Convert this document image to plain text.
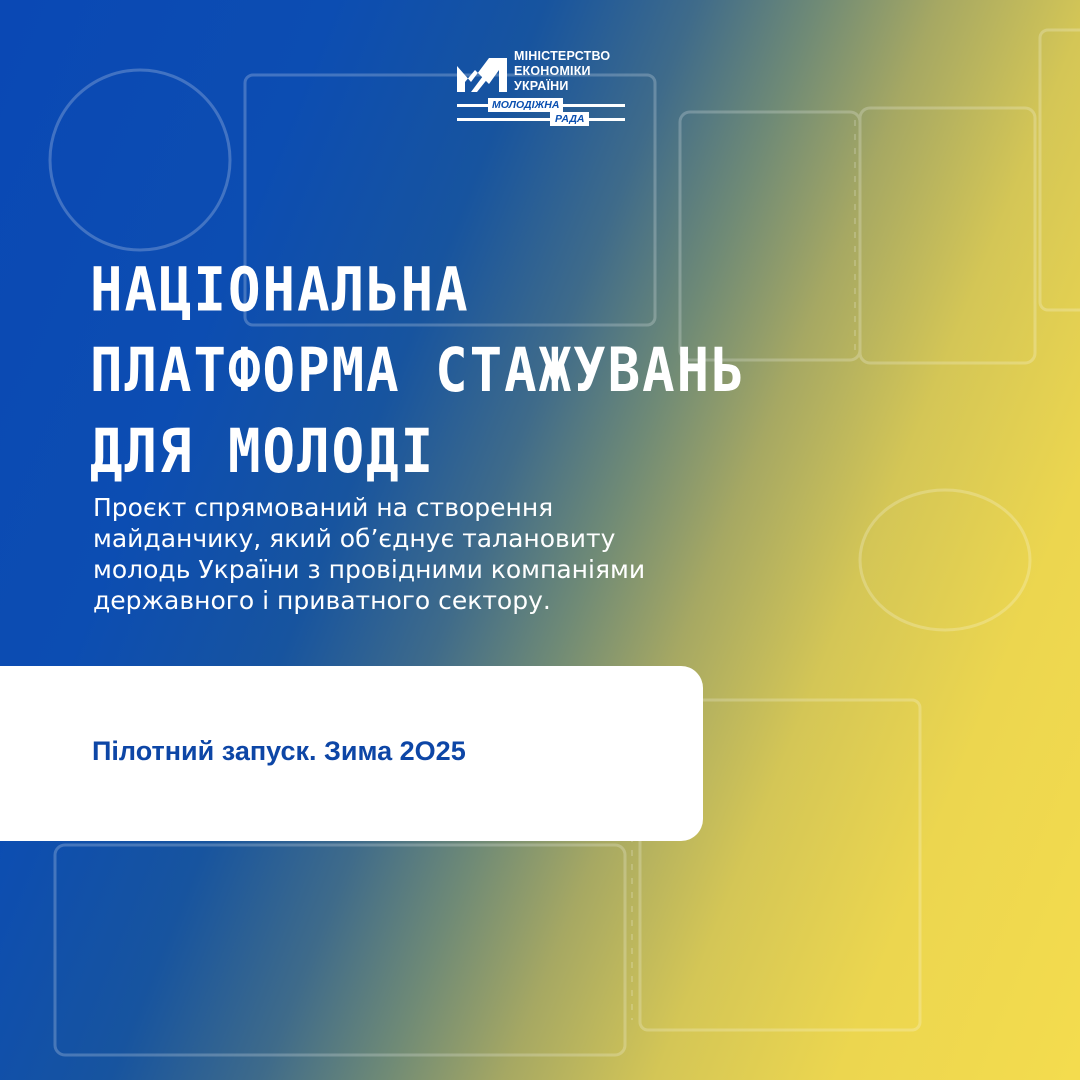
МІНІСТЕРСТВО
ЕКОНОМІКИ
УКРАЇНИ
МОЛОДІЖНА
РАДА
НАЦІОНАЛЬНА
ПЛАТФОРМА СТАЖУВАНЬ
ДЛЯ МОЛОДІ
Проєкт спрямований на створення
майданчику, який об’єднує талановиту
молодь України з провідними компаніями
державного і приватного сектору.
Пілотний запуск. Зима 2О25
